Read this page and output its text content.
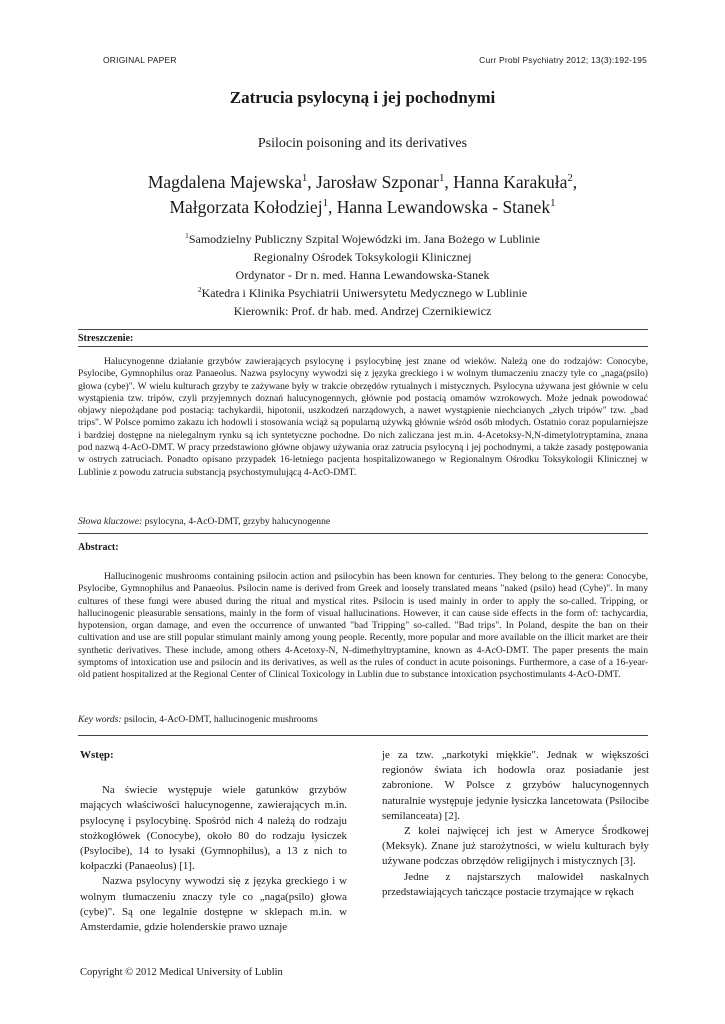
ORIGINAL PAPER	Curr Probl Psychiatry 2012; 13(3):192-195
Zatrucia psylocyną i jej pochodnymi
Psilocin poisoning and its derivatives
Magdalena Majewska$^1$, Jarosław Szponar$^1$, Hanna Karakuła$^2$,
Małgorzata Kołodziej$^1$, Hanna Lewandowska - Stanek$^1$
$^1$Samodzielny Publiczny Szpital Wojewódzki im. Jana Bożego w Lublinie
Regionalny Ośrodek Toksykologii Klinicznej
Ordynator - Dr n. med. Hanna Lewandowska-Stanek
$^2$Katedra i Klinika Psychiatrii Uniwersytetu Medycznego w Lublinie
Kierownik: Prof. dr hab. med. Andrzej Czernikiewicz
Streszczenie:

Halucynogenne działanie grzybów zawierających psylocynę i psylocybinę jest znane od wieków. Należą one do rodzajów: Conocybe, Psylocibe, Gymnophilus oraz Panaeolus. Nazwa psylocyny wywodzi się z języka greckiego i w wolnym tłumaczeniu znaczy tyle co „naga(psilo) głowa (cybe)". W wielu kulturach grzyby te zażywane były w trakcie obrzędów rytualnych i mistycznych. Psylocyna używana jest głównie w celu wystąpienia tzw. tripów, czyli przyjemnych doznań halucynogennych, głównie pod postacią omamów wzrokowych. Może jednak powodować objawy niepożądane pod postacią: tachykardii, hipotonii, uszkodzeń narządowych, a nawet wystąpienie niechcianych „złych tripów" tzw. „bad trips". W Polsce pomimo zakazu ich hodowli i stosowania wciąż są popularną używką głównie wśród osób młodych. Ostatnio coraz popularniejsze i bardziej dostępne na nielegalnym rynku są ich syntetyczne pochodne. Do nich zaliczana jest m.in. 4-Acetoksy-N,N-dimetylotryptamina, znana pod nazwą 4-AcO-DMT. W pracy przedstawiono główne objawy używania oraz zatrucia psylocyną i jej pochodnymi, a także zasady postępowania w ostrych zatruciach. Ponadto opisano przypadek 16-letniego pacjenta hospitalizowanego w Regionalnym Ośrodku Toksykologii Klinicznej w Lublinie z powodu zatrucia substancją psychostymulującą 4-AcO-DMT.

Słowa kluczowe: psylocyna, 4-AcO-DMT, grzyby halucynogenne
Abstract:

Hallucinogenic mushrooms containing psilocin action and psilocybin has been known for centuries. They belong to the genera: Conocybe, Psylocibe, Gymnophilus and Panaeolus. Psilocin name is derived from Greek and loosely translated means "naked (psilo) head (Cybe)". In many cultures of these fungi were abused during the ritual and mystical rites. Psilocin is used mainly in order to apply the so-called. Tripping, or hallucinogenic pleasurable sensations, mainly in the form of visual hallucinations. However, it can cause side effects in the form of: tachycardia, hypotension, organ damage, and even the occurrence of unwanted "bad Tripping" so-called. "Bad trips". In Poland, despite the ban on their cultivation and use are still popular stimulant mainly among young people. Recently, more popular and more available on the illicit market are their synthetic derivatives. These include, among others 4-Acetoxy-N, N-dimethyltryptamine, known as 4-AcO-DMT. The paper presents the main symptoms of intoxication use and psilocin and its derivatives, as well as the rules of conduct in acute poisonings. Furthermore, a case of a 16-year-old patient hospitalized at the Regional Center of Clinical Toxicology in Lublin due to substance intoxication psychostimulants 4-AcO-DMT.

Key words: psilocin, 4-AcO-DMT, hallucinogenic mushrooms
Wstęp:

Na świecie występuje wiele gatunków grzybów mających właściwości halucynogenne, zawierających m.in. psylocynę i psylocybinę. Spośród nich 4 należą do rodzaju stożkogłówek (Conocybe), około 80 do rodzaju łysiczek (Psylocibe), 14 to łysaki (Gymnophilus), a 13 z nich to kołpaczki (Panaeolus) [1].

Nazwa psylocyny wywodzi się z języka greckiego i w wolnym tłumaczeniu znaczy tyle co „naga(psilo) głowa (cybe)". Są one legalnie dostępne w sklepach m.in. w Amsterdamie, gdzie holenderskie prawo uznaje

je za tzw. „narkotyki miękkie". Jednak w większości regionów świata ich hodowla oraz posiadanie jest zabronione. W Polsce z grzybów halucynogennych naturalnie występuje jedynie łysiczka lancetowata (Psilocibe semilanceata) [2].

Z kolei najwięcej ich jest w Ameryce Środkowej (Meksyk). Znane już starożytności, w wielu kulturach były używane podczas obrzędów religijnych i mistycznych [3].

Jedne z najstarszych malowideł naskalnych przedstawiających tańczące postacie trzymające w rękach

Copyright © 2012 Medical University of Lublin
